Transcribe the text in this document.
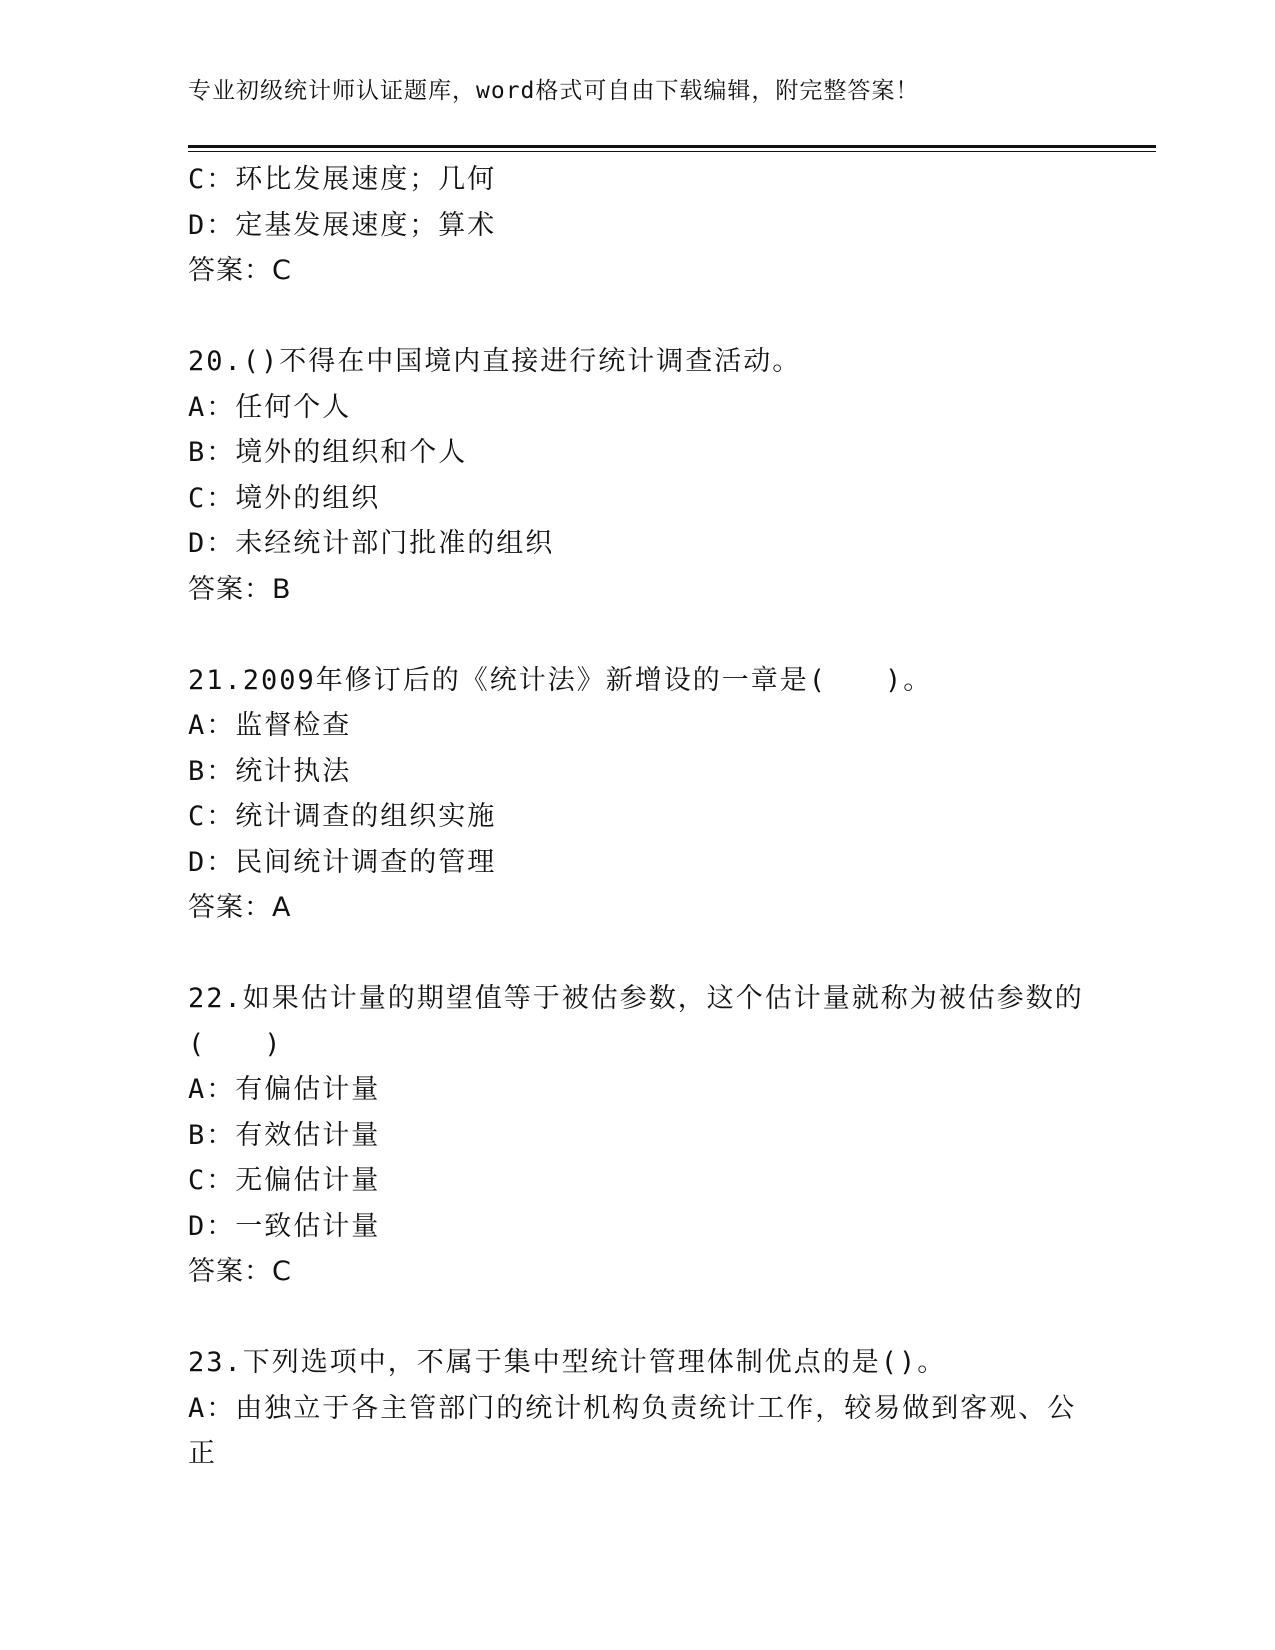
专业初级统计师认证题库，word格式可自由下载编辑，附完整答案！
C：环比发展速度；几何
D：定基发展速度；算术
答案：C
20.()不得在中国境内直接进行统计调查活动。
A：任何个人
B：境外的组织和个人
C：境外的组织
D：未经统计部门批准的组织
答案：B
21.2009年修订后的《统计法》新增设的一章是(　　)。
A：监督检查
B：统计执法
C：统计调查的组织实施
D：民间统计调查的管理
答案：A
22.如果估计量的期望值等于被估参数，这个估计量就称为被估参数的
(　　)
A：有偏估计量
B：有效估计量
C：无偏估计量
D：一致估计量
答案：C
23.下列选项中，不属于集中型统计管理体制优点的是()。
A：由独立于各主管部门的统计机构负责统计工作，较易做到客观、公
正
